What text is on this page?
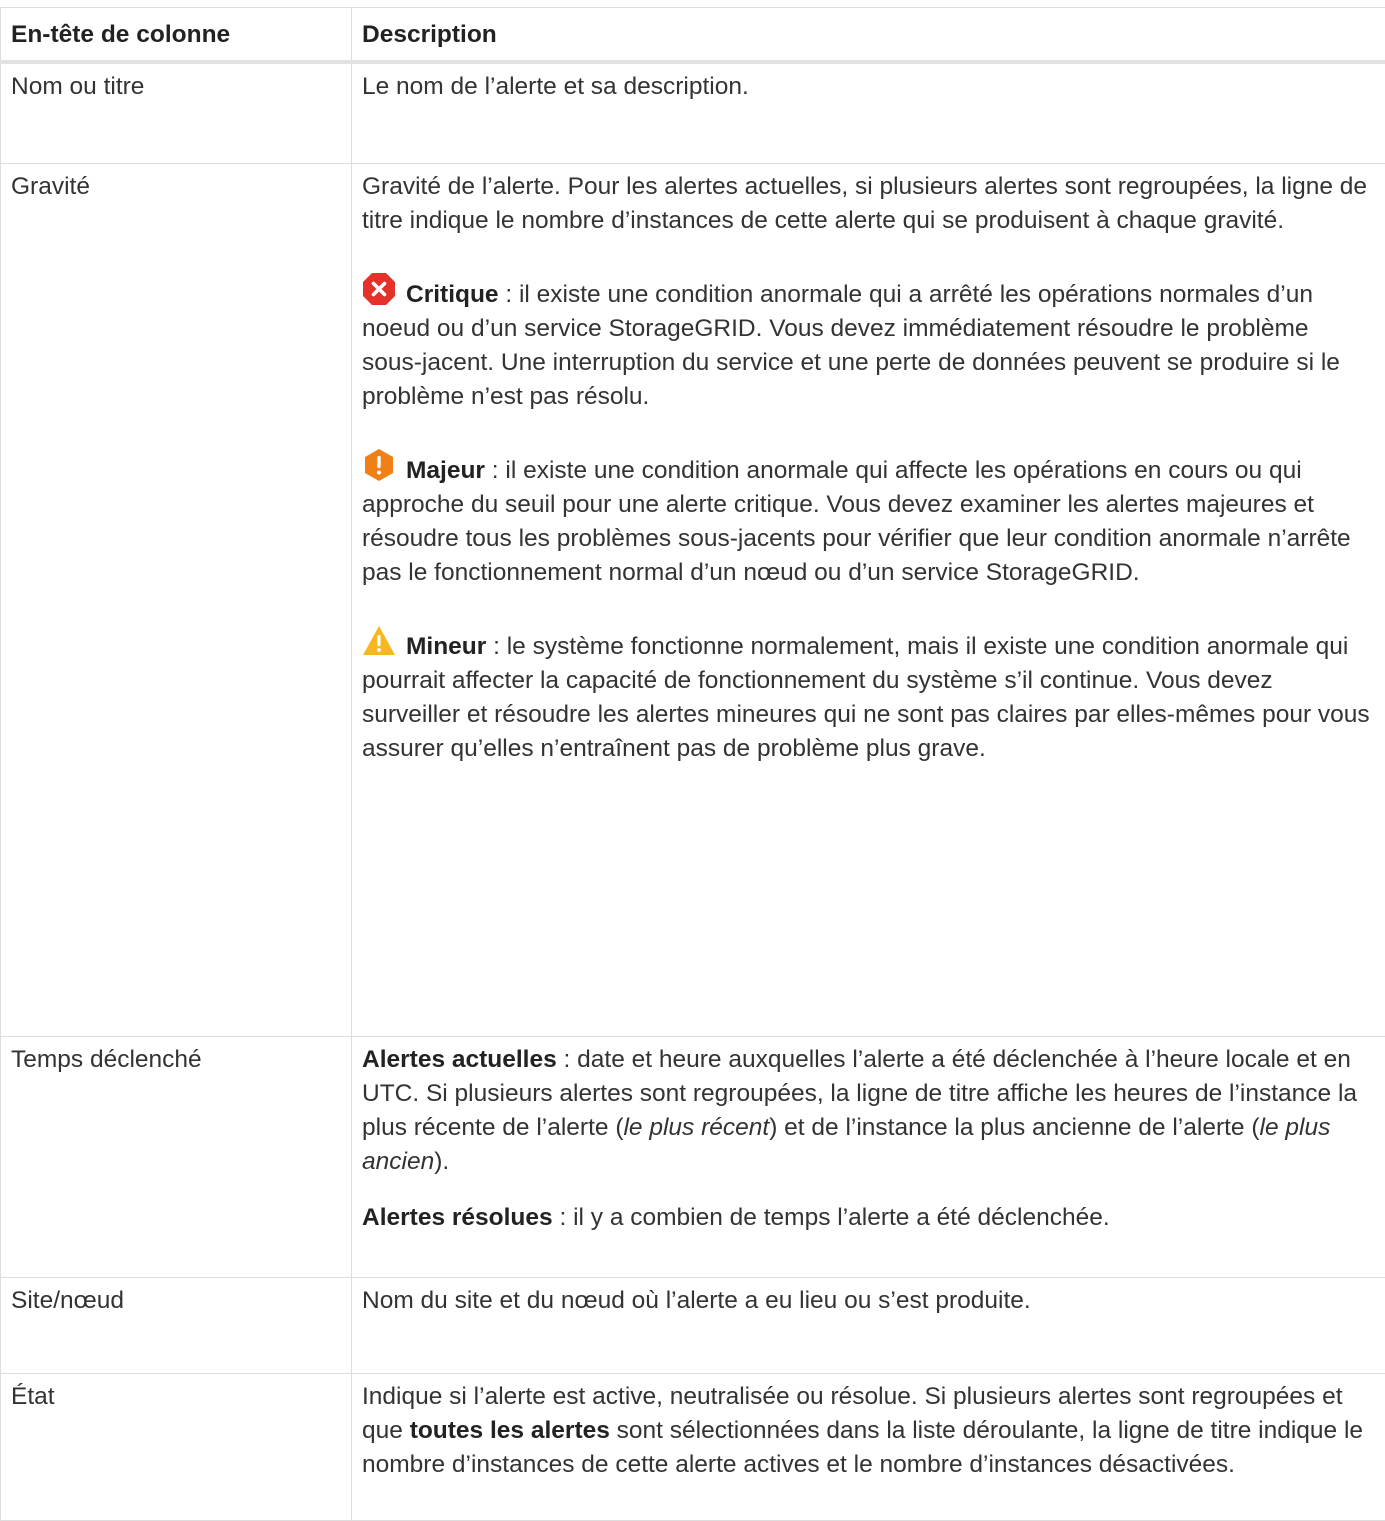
En-tête de colonne	Description
Nom ou titre	Le nom de l’alerte et sa description.

Gravité	Gravité de l’alerte. Pour les alertes actuelles, si plusieurs alertes sont regroupées, la ligne de titre indique le nombre d’instances de cette alerte qui se produisent à chaque gravité.

Critique : il existe une condition anormale qui a arrêté les opérations normales d’un noeud ou d’un service StorageGRID. Vous devez immédiatement résoudre le problème sous-jacent. Une interruption du service et une perte de données peuvent se produire si le problème n’est pas résolu.

Majeur : il existe une condition anormale qui affecte les opérations en cours ou qui approche du seuil pour une alerte critique. Vous devez examiner les alertes majeures et résoudre tous les problèmes sous-jacents pour vérifier que leur condition anormale n’arrête pas le fonctionnement normal d’un nœud ou d’un service StorageGRID.

Mineur : le système fonctionne normalement, mais il existe une condition anormale qui pourrait affecter la capacité de fonctionnement du système s’il continue. Vous devez surveiller et résoudre les alertes mineures qui ne sont pas claires par elles-mêmes pour vous assurer qu’elles n’entraînent pas de problème plus grave.

Temps déclenché	Alertes actuelles : date et heure auxquelles l’alerte a été déclenchée à l’heure locale et en UTC. Si plusieurs alertes sont regroupées, la ligne de titre affiche les heures de l’instance la plus récente de l’alerte (le plus récent) et de l’instance la plus ancienne de l’alerte (le plus ancien).

Alertes résolues : il y a combien de temps l’alerte a été déclenchée.

Site/nœud	Nom du site et du nœud où l’alerte a eu lieu ou s’est produite.

État	Indique si l’alerte est active, neutralisée ou résolue. Si plusieurs alertes sont regroupées et que toutes les alertes sont sélectionnées dans la liste déroulante, la ligne de titre indique le nombre d’instances de cette alerte actives et le nombre d’instances désactivées.
